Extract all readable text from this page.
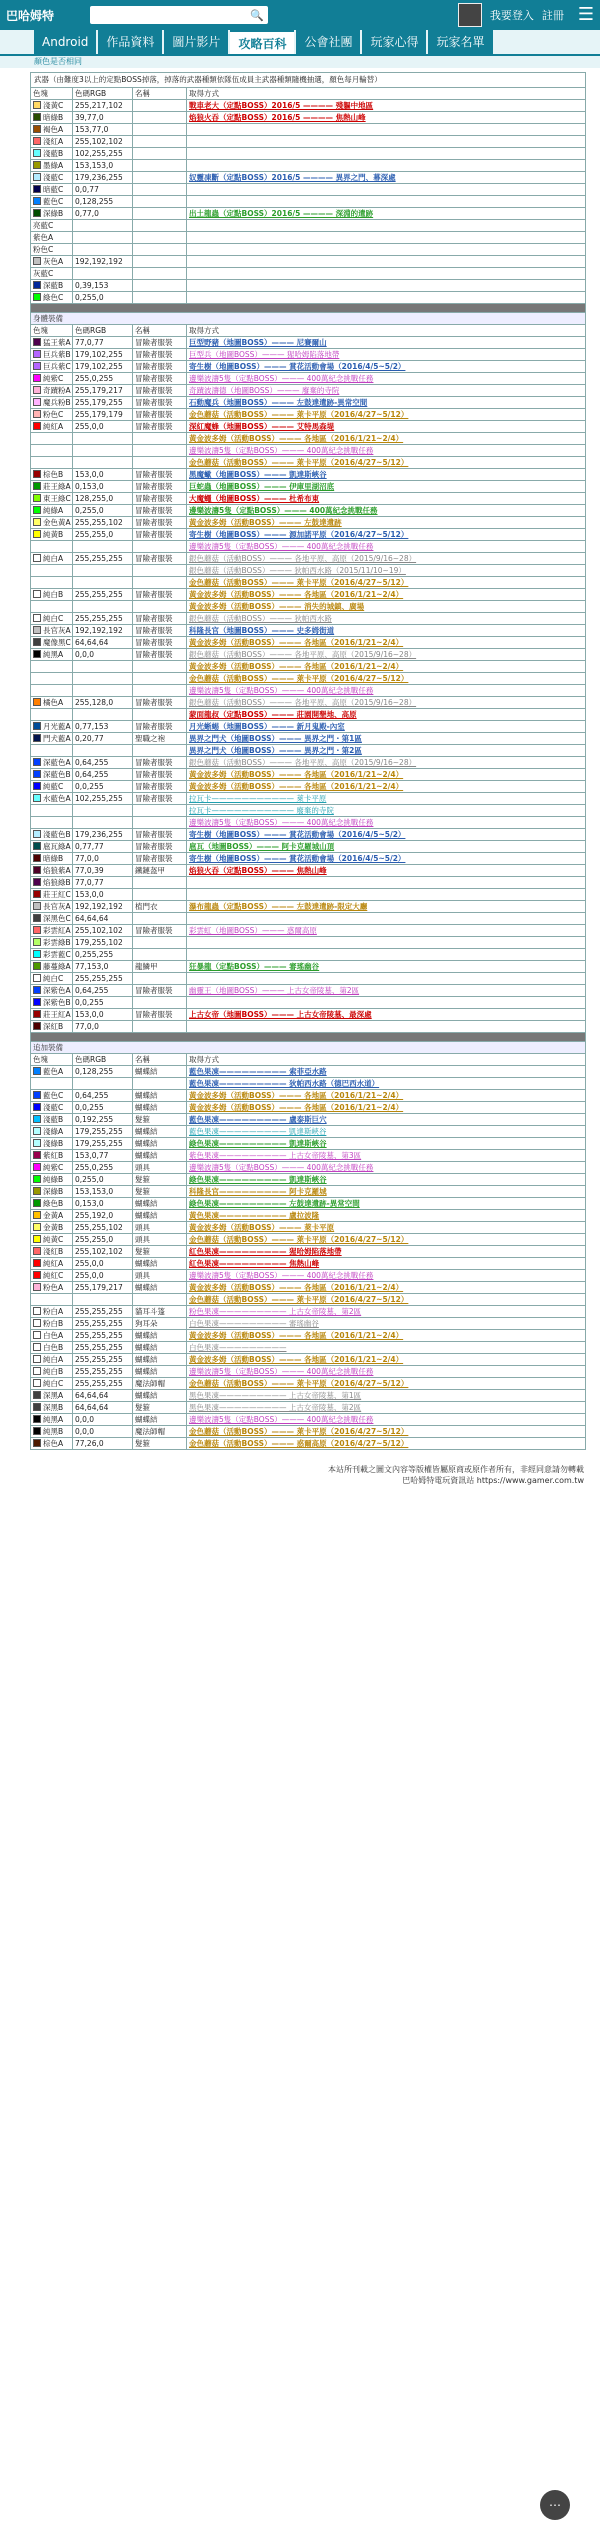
巴哈姆特	🔍	我要登入 註冊 ☰
Android	作品資料	圖片影片	攻略百科	公會社團	玩家心得	玩家名單
顏色是否相同
武器（由難度3以上的定點BOSS掉落，掉落的武器種類依隊伍成員主武器種類隨機抽選，顏色每月輪替）			
色塊	色碼RGB	名稱	取得方式
淺黃C	255,217,102		戰車老大（定點BOSS）2016/5 ———— 殘軀中地區
暗綠B	39,77,0		焰狼火吞（定點BOSS）2016/5 ———— 焦熱山峰
褐色A	153,77,0		
淺紅A	255,102,102		
淺藍B	102,255,255		
墨綠A	153,153,0		
淺藍C	179,236,255		奴靈凍斷（定點BOSS）2016/5 ———— 異界之門、幕深處
暗藍C	0,0,77		
藍色C	0,128,255		
深綠B	0,77,0		出土龍蟲（定點BOSS）2016/5 ———— 深淵的遺跡
亮藍C			
紫色A			
粉色C			
灰色A	192,192,192		
灰藍C			
深藍B	0,39,153		
綠色C	0,255,0		

身體裝備			
色塊	色碼RGB	名稱	取得方式
猛王紫A	77,0,77	冒險者服裝	巨型野豬（地圖BOSS）——— 尼賽爾山
巨兵紫B	179,102,255	冒險者服裝	巨型兵（地圖BOSS）——— 猩哈姆陷落地帶
巨兵紫C	179,102,255	冒險者服裝	寄生樹（地圖BOSS）——— 賞花活動會場（2016/4/5~5/2）
純紫C	255,0,255	冒險者服裝	邊樂波濤5隻（定點BOSS）——— 400萬紀念挑戰任務
奇蹟粉A	255,179,217	冒險者服裝	奇蹟波濤德（地圖BOSS）——— 廢棄的寺院
魔兵粉B	255,179,255	冒險者服裝	石動魔兵（地圖BOSS）——— 左鼓達遺跡-異常空間
粉色C	255,179,179	冒險者服裝	金色蘑菇（活動BOSS）——— 萊卡平原（2016/4/27~5/12）
純紅A	255,0,0	冒險者服裝	深紅魔蜂（地圖BOSS）——— 艾特馬森堤
			黃金波多姆（活動BOSS）——— 各地區（2016/1/21~2/4）
			邊樂波濤5隻（定點BOSS）——— 400萬紀念挑戰任務
			金色蘑菇（活動BOSS）——— 萊卡平原（2016/4/27~5/12）
棕色B	153,0,0	冒險者服裝	黑魔蠍（地圖BOSS）——— 凱達斯峽谷
莊王綠A	0,153,0	冒險者服裝	巨蛇蟲（地圖BOSS）——— 伊庫里湖沼底
東王綠C	128,255,0	冒險者服裝	大魔蠅（地圖BOSS）——— 杜希布東
純綠A	0,255,0	冒險者服裝	邊樂波濤5隻（定點BOSS）——— 400萬紀念挑戰任務
金色黃A	255,255,102	冒險者服裝	黃金波多姆（活動BOSS）——— 左鼓達遺跡
純黃B	255,255,0	冒險者服裝	寄生樹（地圖BOSS）——— 源加諾平原（2016/4/27~5/12）
			邊樂波濤5隻（定點BOSS）——— 400萬紀念挑戰任務
純白A	255,255,255	冒險者服裝	銀色蘑菇（活動BOSS）——— 各地平原、高原（2015/9/16~28）
			銀色蘑菇（活動BOSS）——— 狄帕西水路（2015/11/10~19）
			金色蘑菇（活動BOSS）——— 萊卡平原（2016/4/27~5/12）
純白B	255,255,255	冒險者服裝	黃金波多姆（活動BOSS）——— 各地區（2016/1/21~2/4）
			黃金波多姆（活動BOSS）——— 消失的城鎮、廣場
純白C	255,255,255	冒險者服裝	銀色蘑菇（活動BOSS）——— 狄帕西水路
長官灰A	192,192,192	冒險者服裝	科隆長官（地圖BOSS）——— 史多姆街道
魔像黑C	64,64,64	冒險者服裝	黃金波多姆（活動BOSS）——— 各地區（2016/1/21~2/4）
純黑A	0,0,0	冒險者服裝	銀色蘑菇（活動BOSS）——— 各地平原、高原（2015/9/16~28）
			黃金波多姆（活動BOSS）——— 各地區（2016/1/21~2/4）
			金色蘑菇（活動BOSS）——— 萊卡平原（2016/4/27~5/12）
			邊樂波濤5隻（定點BOSS）——— 400萬紀念挑戰任務
橘色A	255,128,0	冒險者服裝	銀色蘑菇（活動BOSS）——— 各地平原、高原（2015/9/16~28）
			蒙面龍叔（定點BOSS）——— 莊園開墾地、高原
月光藍A	0,77,153	冒險者服裝	月光蜥蜴（地圖BOSS）——— 新月鬼殿-內室
門犬藍A	0,20,77	聖職之袍	異界之門犬（地圖BOSS）——— 異界之門・第1區
			異界之門犬（地圖BOSS）——— 異界之門・第2區
深藍色A	0,64,255	冒險者服裝	銀色蘑菇（活動BOSS）——— 各地平原、高原（2015/9/16~28）
深藍色B	0,64,255	冒險者服裝	黃金波多姆（活動BOSS）——— 各地區（2016/1/21~2/4）
純藍C	0,0,255	冒險者服裝	黃金波多姆（活動BOSS）——— 各地區（2016/1/21~2/4）
水藍色A	102,255,255	冒險者服裝	拉瓦卡——————————— 萊卡平原
			拉瓦卡——————————— 廢棄的寺院
			邊樂波濤5隻（定點BOSS）——— 400萬紀念挑戰任務
淺藍色B	179,236,255	冒險者服裝	寄生樹（地圖BOSS）——— 賞花活動會場（2016/4/5~5/2）
扈瓦綠A	0,77,77	冒險者服裝	扈瓦（地圖BOSS）——— 阿卡克羅城山頂
暗綠B	77,0,0	冒險者服裝	寄生樹（地圖BOSS）——— 賞花活動會場（2016/4/5~5/2）
焰狼紫A	77,0,39	鐵鏈盔甲	焰狼火吞（定點BOSS）——— 焦熱山峰
焰狼綠B	77,0,77		
莊王紅C	153,0,0		
長官灰A	192,192,192	植門衣	瀑布龍蟲（定點BOSS）——— 左鼓達遺跡-限定大廳
深黑色C	64,64,64		
彩雲紅A	255,102,102	冒險者服裝	彩雲虹（地圖BOSS）——— 惑爾高原
彩雲綠B	179,255,102		
彩雲藍C	0,255,255		
藤蔓綠A	77,153,0	龍鱗甲	狂暴龍（定點BOSS）——— 審瑤幽谷
純白C	255,255,255		
深紫色A	0,64,255	冒險者服裝	幽靈王（地圖BOSS）——— 上古女帝陵墓、第2區
深紫色B	0,0,255		
莊王紅A	153,0,0	冒險者服裝	上古女帝（地圖BOSS）——— 上古女帝陵墓、最深處
深紅B	77,0,0		

追加裝備			
色塊	色碼RGB	名稱	取得方式
藍色A	0,128,255	蝴蝶結	藍色果凍————————— 索菲亞水路
			藍色果凍————————— 狄帕西水路（德巴西水道）
藍色C	0,64,255	蝴蝶結	黃金波多姆（活動BOSS）——— 各地區（2016/1/21~2/4）
淺藍C	0,0,255	蝴蝶結	黃金波多姆（活動BOSS）——— 各地區（2016/1/21~2/4）
淺藍B	0,192,255	髮箍	藍色果凍————————— 盧泰斯巨穴
淺綠A	179,255,255	蝴蝶結	藍色果凍————————— 凱達斯峽谷
淺綠B	179,255,255	蝴蝶結	綠色果凍————————— 凱達斯峽谷
紫紅B	153,0,77	蝴蝶結	紫色果凍————————— 上古女帝陵墓、第3區
純紫C	255,0,255	頭具	邊樂波濤5隻（定點BOSS）——— 400萬紀念挑戰任務
純綠B	0,255,0	髮箍	綠色果凍————————— 凱達斯峽谷
深綠B	153,153,0	髮箍	科隆長官————————— 阿卡克羅城
綠色B	0,153,0	蝴蝶結	綠色果凍————————— 左鼓達遺跡-異常空間
金黃A	255,192,0	蝴蝶結	黃色果凍————————— 盧拉波隆
金黃B	255,255,102	頭具	黃金波多姆（活動BOSS）——— 萊卡平原
純黃C	255,255,0	頭具	金色蘑菇（活動BOSS）——— 萊卡平原（2016/4/27~5/12）
淺紅B	255,102,102	髮箍	紅色果凍————————— 猩哈姆陷落地帶
純紅A	255,0,0	蝴蝶結	紅色果凍————————— 焦熱山峰
純紅C	255,0,0	頭具	邊樂波濤5隻（定點BOSS）——— 400萬紀念挑戰任務
粉色A	255,179,217	蝴蝶結	黃金波多姆（活動BOSS）——— 各地區（2016/1/21~2/4）
			金色蘑菇（活動BOSS）——— 萊卡平原（2016/4/27~5/12）
粉白A	255,255,255	貓耳斗篷	粉色果凍————————— 上古女帝陵墓、第2區
粉白B	255,255,255	狗耳朵	白色果凍————————— 審瑤幽谷
白色A	255,255,255	蝴蝶結	黃金波多姆（活動BOSS）——— 各地區（2016/1/21~2/4）
白色B	255,255,255	蝴蝶結	白色果凍—————————
純白A	255,255,255	蝴蝶結	黃金波多姆（活動BOSS）——— 各地區（2016/1/21~2/4）
純白B	255,255,255	蝴蝶結	邊樂波濤5隻（定點BOSS）——— 400萬紀念挑戰任務
純白C	255,255,255	魔法師帽	金色蘑菇（活動BOSS）——— 萊卡平原（2016/4/27~5/12）
深黑A	64,64,64	蝴蝶結	黑色果凍————————— 上古女帝陵墓、第1區
深黑B	64,64,64	髮箍	黑色果凍————————— 上古女帝陵墓、第2區
純黑A	0,0,0	蝴蝶結	邊樂波濤5隻（定點BOSS）——— 400萬紀念挑戰任務
純黑B	0,0,0	魔法師帽	金色蘑菇（活動BOSS）——— 萊卡平原（2016/4/27~5/12）
棕色A	77,26,0	髮箍	金色蘑菇（活動BOSS）——— 惑爾高原（2016/4/27~5/12）
本站所刊載之圖文內容等版權皆屬原商或原作者所有，非經同意請勿轉載
巴哈姆特電玩資訊站 https://www.gamer.com.tw
⋯
